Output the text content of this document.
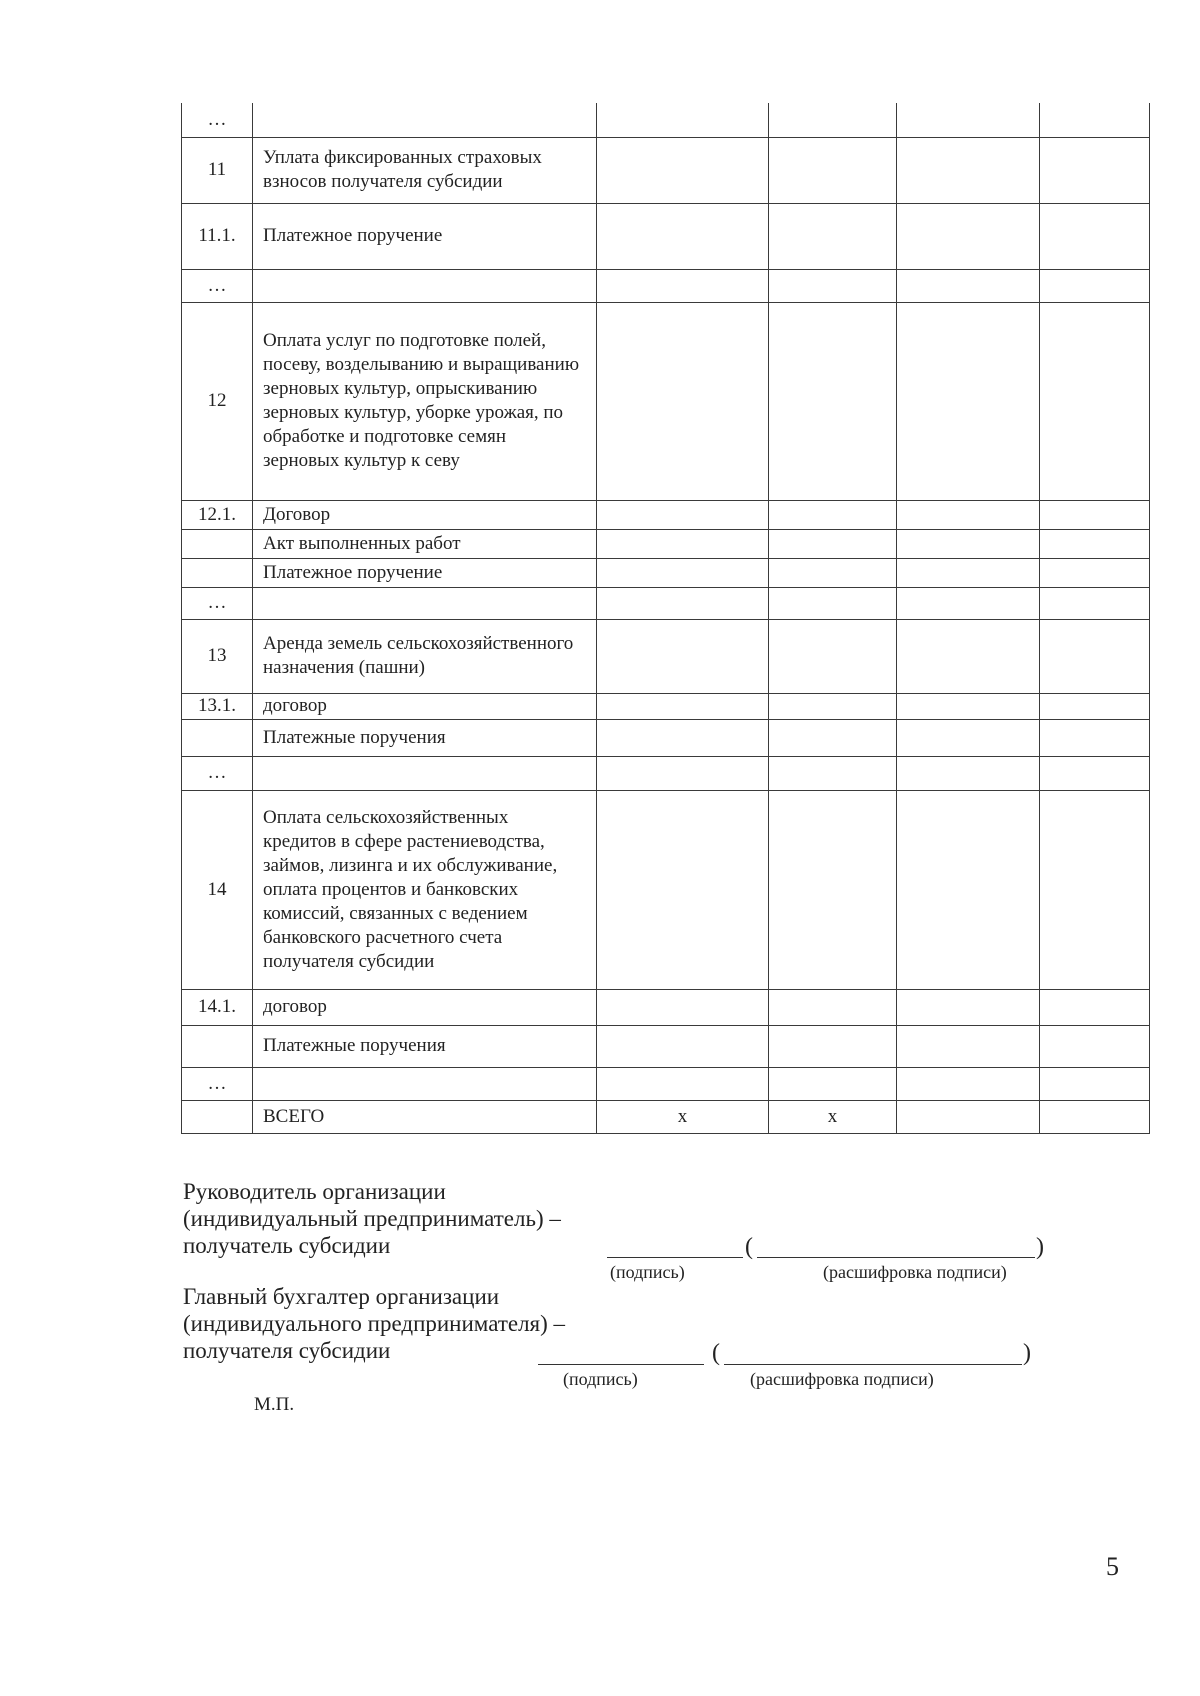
…					
11	Уплата фиксированных страховых взносов получателя субсидии				
11.1.	Платежное поручение				
…					
12	Оплата услуг по подготовке полей, посеву, возделыванию и выращиванию зерновых культур, опрыскиванию зерновых культур, уборке урожая, по обработке и подготовке семян зерновых культур к севу				
12.1.	Договор				
	Акт выполненных работ				
	Платежное поручение				
…					
13	Аренда земель сельскохозяйственного назначения (пашни)				
13.1.	договор				
	Платежные поручения				
…					
14	Оплата сельскохозяйственных кредитов в сфере растениеводства, займов, лизинга и их обслуживание, оплата процентов и банковских комиссий, связанных с ведением банковского расчетного счета получателя субсидии				
14.1.	договор				
	Платежные поручения				
…					
	ВСЕГО	х	х		
Руководитель организации
(индивидуальный предприниматель) –
получатель субсидии	(	)
(подпись)	(расшифровка подписи)
Главный бухгалтер организации
(индивидуального предпринимателя) –
получателя субсидии	(	)
(подпись)	(расшифровка подписи)
М.П.
5
